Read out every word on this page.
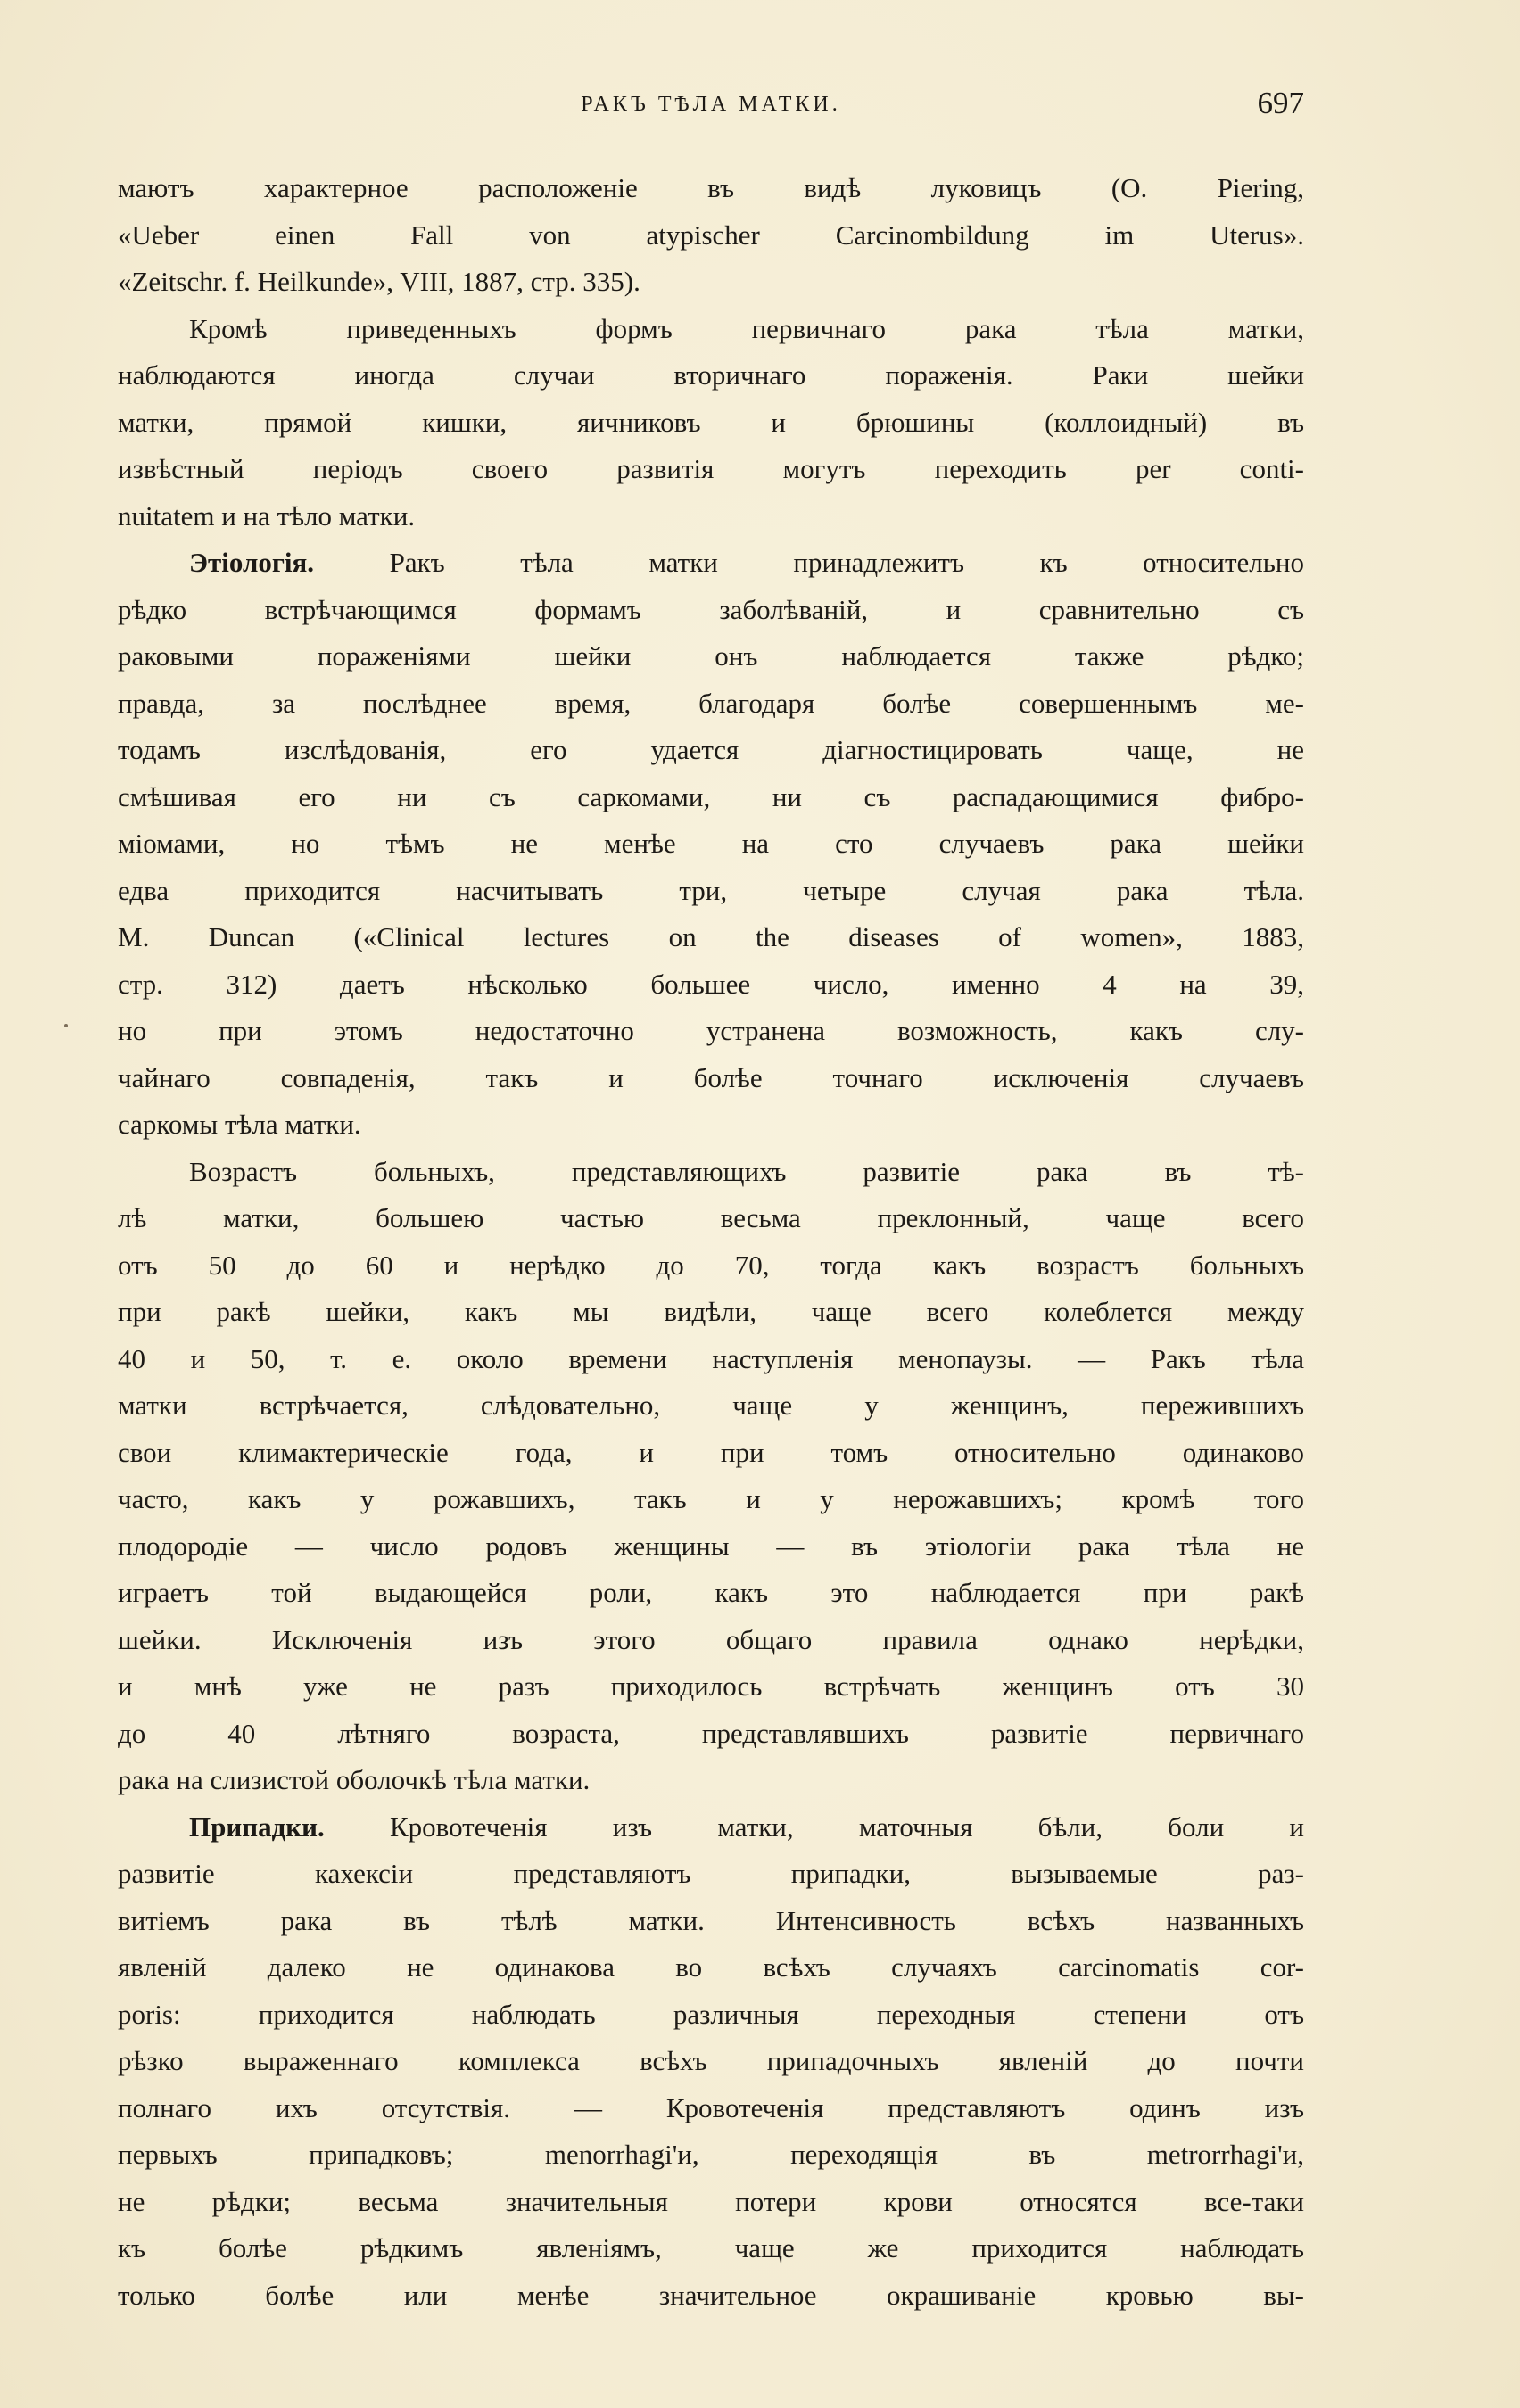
РАКЪ ТѢЛА МАТКИ.	697
маютъ характерное расположеніе въ видѣ луковицъ (O. Piering,
«Ueber einen Fall von atypischer Carcinombildung im Uterus».
«Zeitschr. f. Heilkunde», VIII, 1887, стр. 335).
Кромѣ приведенныхъ формъ первичнаго рака тѣла матки,
наблюдаются иногда случаи вторичнаго пораженія. Раки шейки
матки, прямой кишки, яичниковъ и брюшины (коллоидный) въ
извѣстный періодъ своего развитія могутъ переходить per conti-
nuitatem и на тѣло матки.
Этіологія. Ракъ тѣла матки принадлежитъ къ относительно
рѣдко встрѣчающимся формамъ заболѣваній, и сравнительно съ
раковыми пораженіями шейки онъ наблюдается также рѣдко;
правда, за послѣднее время, благодаря болѣе совершеннымъ ме-
тодамъ изслѣдованія, его удается діагностицировать чаще, не
смѣшивая его ни съ саркомами, ни съ распадающимися фибро-
міомами, но тѣмъ не менѣе на сто случаевъ рака шейки
едва приходится насчитывать три, четыре случая рака тѣла.
M. Duncan («Clinical lectures on the diseases of women», 1883,
стр. 312) даетъ нѣсколько большее число, именно 4 на 39,
но при этомъ недостаточно устранена возможность, какъ слу-
чайнаго совпаденія, такъ и болѣе точнаго исключенія случаевъ
саркомы тѣла матки.
Возрастъ больныхъ, представляющихъ развитіе рака въ тѣ-
лѣ матки, большею частью весьма преклонный, чаще всего
отъ 50 до 60 и нерѣдко до 70, тогда какъ возрастъ больныхъ
при ракѣ шейки, какъ мы видѣли, чаще всего колеблется между
40 и 50, т. е. около времени наступленія менопаузы. — Ракъ тѣла
матки встрѣчается, слѣдовательно, чаще у женщинъ, пережившихъ
свои климактерическіе года, и при томъ относительно одинаково
часто, какъ у рожавшихъ, такъ и у нерожавшихъ; кромѣ того
плодородіе — число родовъ женщины — въ этіологіи рака тѣла не
играетъ той выдающейся роли, какъ это наблюдается при ракѣ
шейки. Исключенія изъ этого общаго правила однако нерѣдки,
и мнѣ уже не разъ приходилось встрѣчать женщинъ отъ 30
до 40 лѣтняго возраста, представлявшихъ развитіе первичнаго
рака на слизистой оболочкѣ тѣла матки.
Припадки. Кровотеченія изъ матки, маточныя бѣли, боли и
развитіе кахексіи представляютъ припадки, вызываемые раз-
витіемъ рака въ тѣлѣ матки. Интенсивность всѣхъ названныхъ
явленій далеко не одинакова во всѣхъ случаяхъ carcinomatis cor-
poris: приходится наблюдать различныя переходныя степени отъ
рѣзко выраженнаго комплекса всѣхъ припадочныхъ явленій до почти
полнаго ихъ отсутствія. — Кровотеченія представляютъ одинъ изъ
первыхъ припадковъ; menorrhagi'и, переходящія въ metrorrhagi'и,
не рѣдки; весьма значительныя потери крови относятся все-таки
къ болѣе рѣдкимъ явленіямъ, чаще же приходится наблюдать
только болѣе или менѣе значительное окрашиваніе кровью вы-
